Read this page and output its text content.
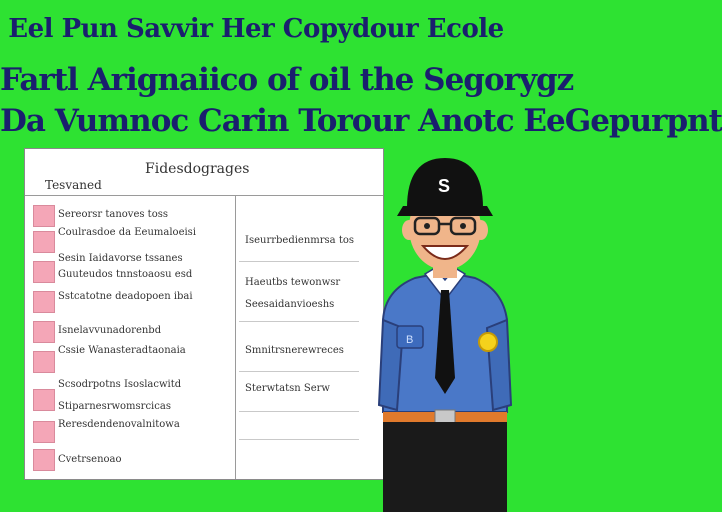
Eel Pun Savvir Her Copydour Ecole
Fartl Arignaiico of oil the Segorygz
Da Vumnoc Carin Torour Anotc EeGepurpnt
Fidesdograges
Tesvaned
Sereorsr tanoves toss
Coulrasdoe da Eeumaloeisi
Sesin Iaidavorse tssanes
Guuteudos tnnstoaosu esd
Sstcatotne deadopoen ibai
Isnelavvunadorenbd
Cssie Wanasteradtaonaia
Scsodrpotns Isoslacwitd
Stiparnesrwomsrcicas
Reresdendenovalnitowa
Cvetrsenoao
Iseurrbedienmrsa tos
Haeutbs tewonwsr
Seesaidanvioeshs
Smnitrsnerewreces
Sterwtatsn Serw
B
S
